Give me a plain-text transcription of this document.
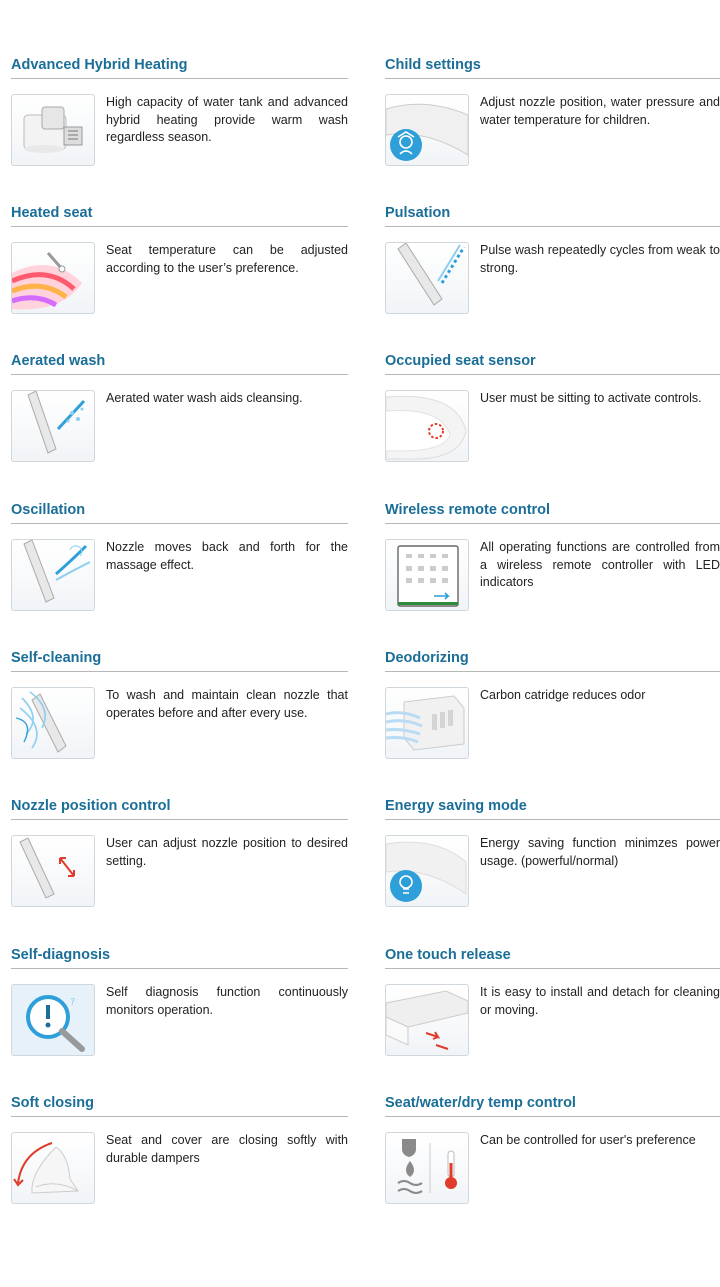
Advanced Hybrid Heating

High capacity of water tank and advanced hybrid heating provide warm wash regardless season.

Child settings

Adjust nozzle position, water pressure and water temperature for children.

Heated seat

Seat temperature can be adjusted according to the user’s preference.

Pulsation

Pulse wash repeatedly cycles from weak to strong.

Aerated wash

Aerated water wash aids cleansing.

Occupied seat sensor

User must be sitting to activate controls.

Oscillation

Nozzle moves back and forth for the massage effect.

Wireless remote control

All operating functions are controlled from a wireless remote controller with LED indicators

Self-cleaning

To wash and maintain clean nozzle that operates before and after every use.

Deodorizing

Carbon catridge reduces odor

Nozzle position control

User can adjust nozzle position to desired setting.

Energy saving mode

Energy saving function minimzes power usage. (powerful/normal)

Self-diagnosis
?

Self diagnosis function continuously monitors operation.

One touch release

It is easy to install and detach for cleaning or moving.

Soft closing

Seat and cover are closing softly with durable dampers

Seat/water/dry temp control

Can be controlled for user's preference
